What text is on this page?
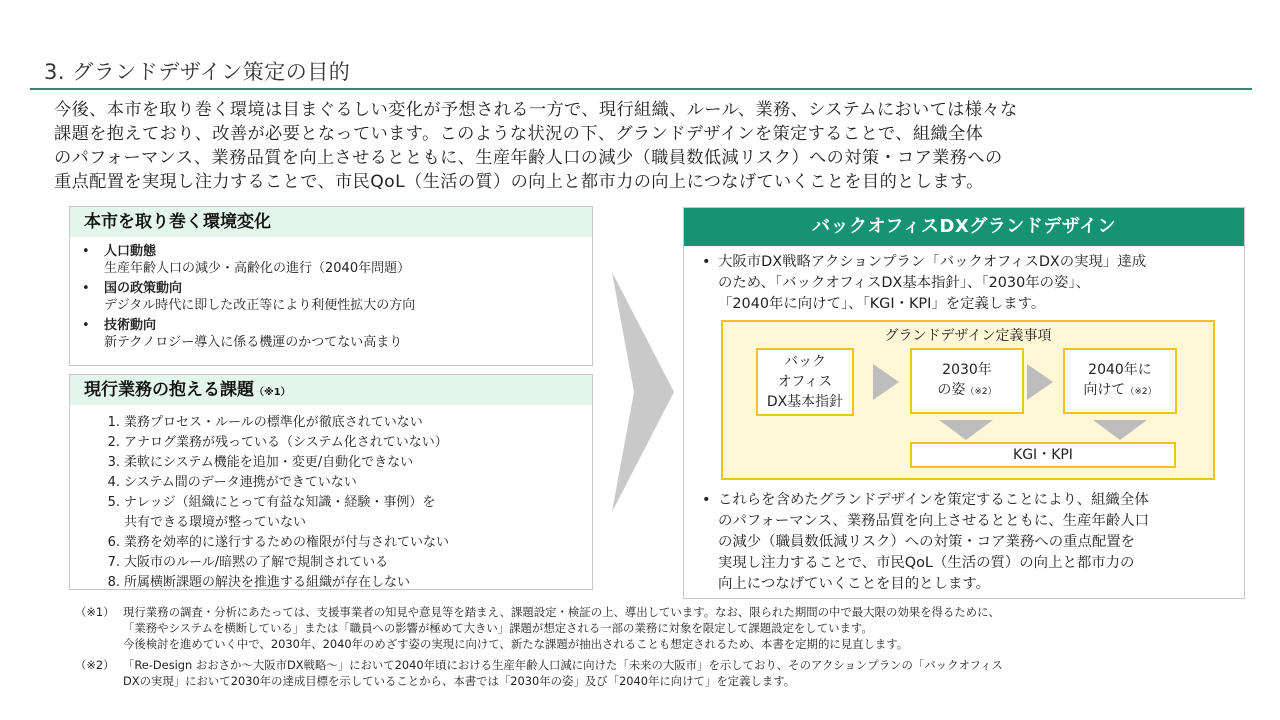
3. グランドデザイン策定の目的

今後、本市を取り巻く環境は目まぐるしい変化が予想される一方で、現行組織、ルール、業務、システムにおいては様々な

課題を抱えており、改善が必要となっています。このような状況の下、グランドデザインを策定することで、組織全体

のパフォーマンス、業務品質を向上させるとともに、生産年齢人口の減少（職員数低減リスク）への対策・コア業務への

重点配置を実現し注力することで、市民QoL（生活の質）の向上と都市力の向上につなげていくことを目的とします。

本市を取り巻く環境変化
• 人口動態
生産年齢人口の減少・高齢化の進行（2040年問題）
• 国の政策動向
デジタル時代に即した改正等により利便性拡大の方向
• 技術動向
新テクノロジー導入に係る機運のかつてない高まり
現行業務の抱える課題（※1）
1. 業務プロセス・ルールの標準化が徹底されていない
2. アナログ業務が残っている（システム化されていない）
3. 柔軟にシステム機能を追加・変更/自動化できない
4. システム間のデータ連携ができていない
5. ナレッジ（組織にとって有益な知識・経験・事例）を
共有できる環境が整っていない
6. 業務を効率的に遂行するための権限が付与されていない
7. 大阪市のルール/暗黙の了解で規制されている
8. 所属横断課題の解決を推進する組織が存在しない
バックオフィスDXグランドデザイン
• 大阪市DX戦略アクションプラン「バックオフィスDXの実現」達成
のため、「バックオフィスDX基本指針」、「2030年の姿」、
「2040年に向けて」、「KGI・KPI」を定義します。
グランドデザイン定義事項
バック
オフィス
DX基本指針
2030年
の姿（※2）
2040年に
向けて（※2）
KGI・KPI
• これらを含めたグランドデザインを策定することにより、組織全体
のパフォーマンス、業務品質を向上させるとともに、生産年齢人口
の減少（職員数低減リスク）への対策・コア業務への重点配置を
実現し注力することで、市民QoL（生活の質）の向上と都市力の
向上につなげていくことを目的とします。
（※1） 現行業務の調査・分析にあたっては、支援事業者の知見や意見等を踏まえ、課題設定・検証の上、導出しています。なお、限られた期間の中で最大限の効果を得るために、
「業務やシステムを横断している」または「職員への影響が極めて大きい」課題が想定される一部の業務に対象を限定して課題設定をしています。
今後検討を進めていく中で、2030年、2040年のめざす姿の実現に向けて、新たな課題が抽出されることも想定されるため、本書を定期的に見直します。
（※2） 「Re-Design おおさか～大阪市DX戦略～」において2040年頃における生産年齢人口減に向けた「未来の大阪市」を示しており、そのアクションプランの「バックオフィス
DXの実現」において2030年の達成目標を示していることから、本書では「2030年の姿」及び「2040年に向けて」を定義します。
